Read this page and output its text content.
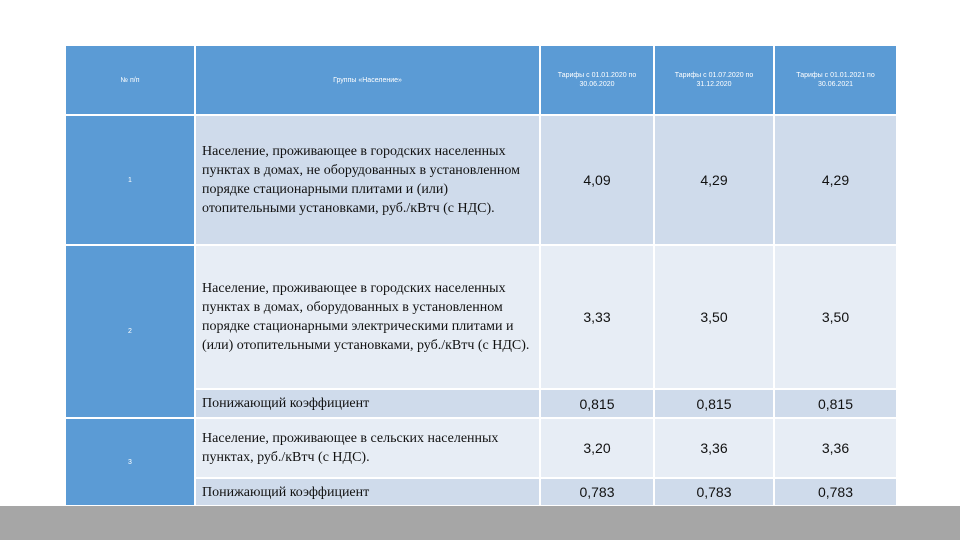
№ п/п	Группы «Население»	Тарифы с 01.01.2020 по 30.06.2020	Тарифы с 01.07.2020 по 31.12.2020	Тарифы с 01.01.2021 по 30.06.2021
1	Население, проживающее в городских населенных пунктах в домах, не оборудованных в установленном порядке стационарными плитами и (или) отопительными установками, руб./кВтч (с НДС).	4,09	4,29	4,29
2	Население, проживающее в городских населенных пунктах в домах, оборудованных в установленном порядке стационарными электрическими плитами и (или) отопительными установками, руб./кВтч (с НДС).	3,33	3,50	3,50
	Понижающий коэффициент	0,815	0,815	0,815
3	Население, проживающее в сельских населенных пунктах, руб./кВтч (с НДС).	3,20	3,36	3,36
	Понижающий коэффициент	0,783	0,783	0,783
